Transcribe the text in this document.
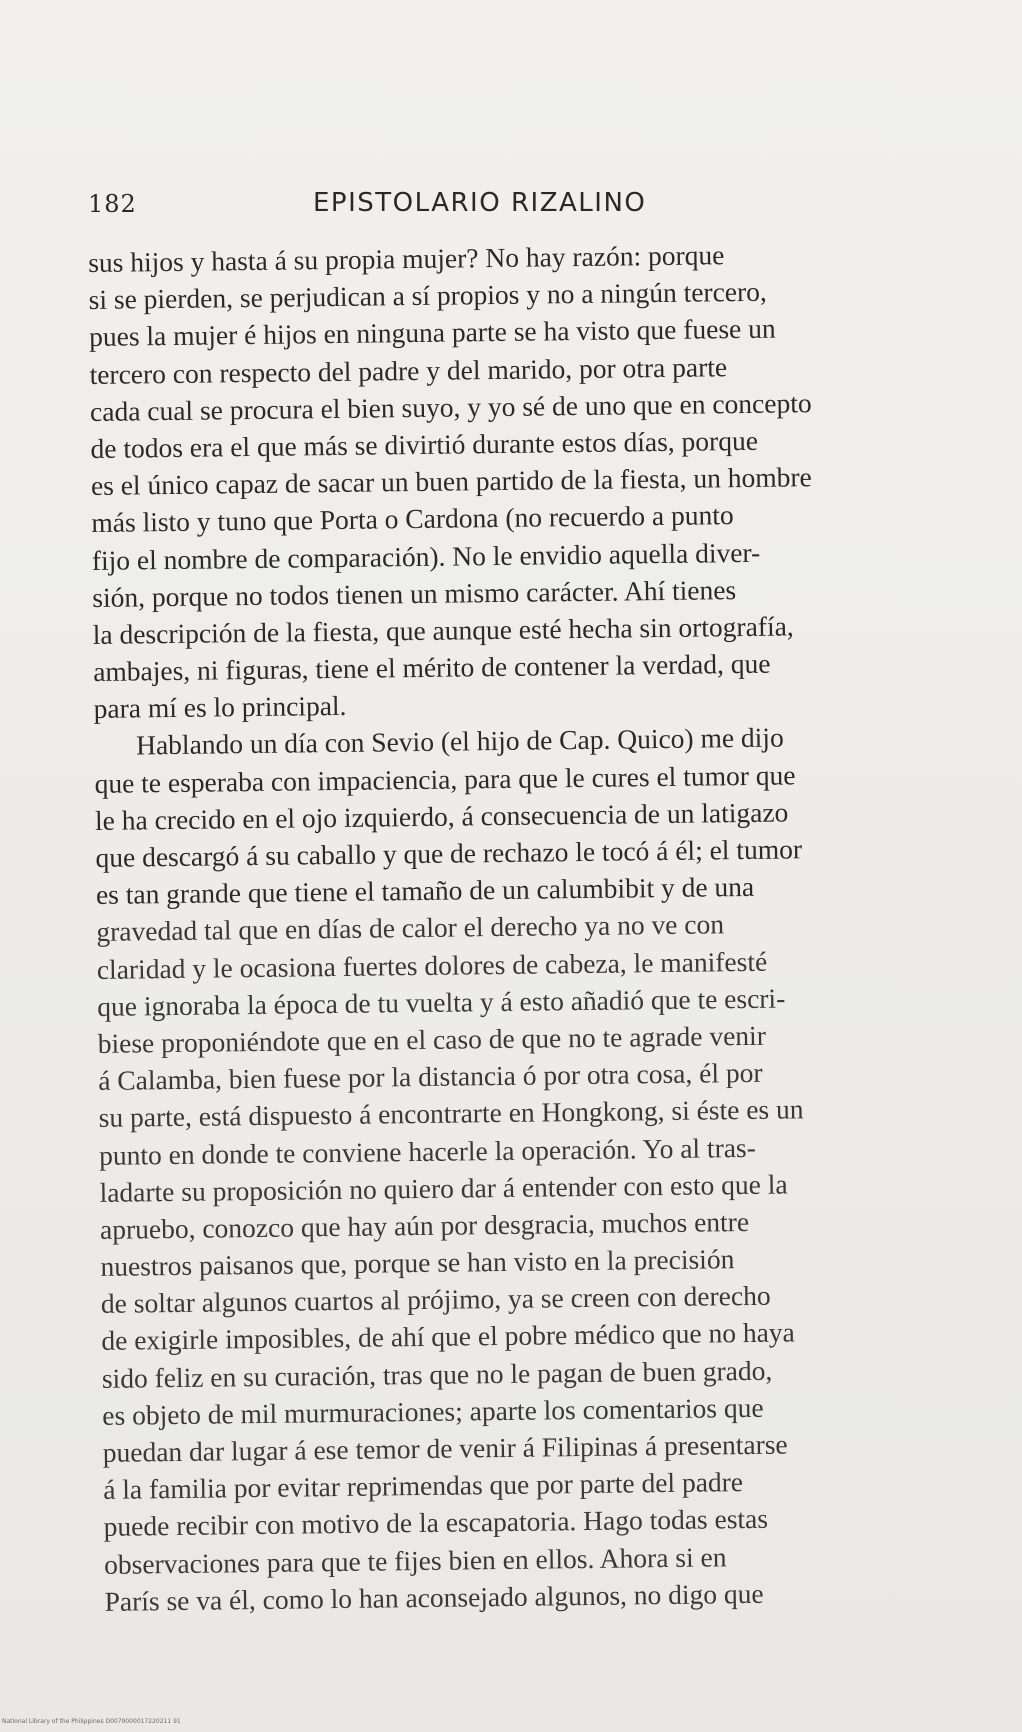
182	EPISTOLARIO RIZALINO
sus hijos y hasta á su propia mujer? No hay razón: porque
si se pierden, se perjudican a sí propios y no a ningún tercero,
pues la mujer é hijos en ninguna parte se ha visto que fuese un
tercero con respecto del padre y del marido, por otra parte
cada cual se procura el bien suyo, y yo sé de uno que en concepto
de todos era el que más se divirtió durante estos días, porque
es el único capaz de sacar un buen partido de la fiesta, un hombre
más listo y tuno que Porta o Cardona (no recuerdo a punto
fijo el nombre de comparación). No le envidio aquella diver-
sión, porque no todos tienen un mismo carácter. Ahí tienes
la descripción de la fiesta, que aunque esté hecha sin ortografía,
ambajes, ni figuras, tiene el mérito de contener la verdad, que
para mí es lo principal.
Hablando un día con Sevio (el hijo de Cap. Quico) me dijo
que te esperaba con impaciencia, para que le cures el tumor que
le ha crecido en el ojo izquierdo, á consecuencia de un latigazo
que descargó á su caballo y que de rechazo le tocó á él; el tumor
es tan grande que tiene el tamaño de un calumbibit y de una
gravedad tal que en días de calor el derecho ya no ve con
claridad y le ocasiona fuertes dolores de cabeza, le manifesté
que ignoraba la época de tu vuelta y á esto añadió que te escri-
biese proponiéndote que en el caso de que no te agrade venir
á Calamba, bien fuese por la distancia ó por otra cosa, él por
su parte, está dispuesto á encontrarte en Hongkong, si éste es un
punto en donde te conviene hacerle la operación. Yo al tras-
ladarte su proposición no quiero dar á entender con esto que la
apruebo, conozco que hay aún por desgracia, muchos entre
nuestros paisanos que, porque se han visto en la precisión
de soltar algunos cuartos al prójimo, ya se creen con derecho
de exigirle imposibles, de ahí que el pobre médico que no haya
sido feliz en su curación, tras que no le pagan de buen grado,
es objeto de mil murmuraciones; aparte los comentarios que
puedan dar lugar á ese temor de venir á Filipinas á presentarse
á la familia por evitar reprimendas que por parte del padre
puede recibir con motivo de la escapatoria. Hago todas estas
observaciones para que te fijes bien en ellos. Ahora si en
París se va él, como lo han aconsejado algunos, no digo que
National Library of the Philippines D0079000017220211 91
